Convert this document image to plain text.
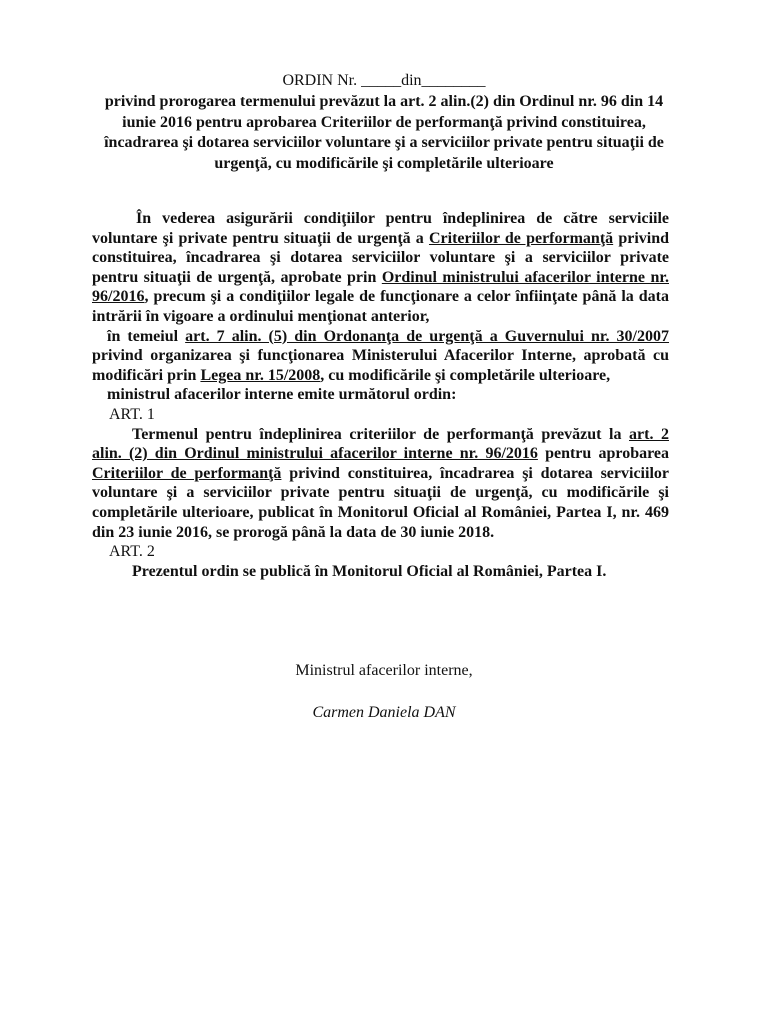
ORDIN Nr. _____din________
privind prorogarea termenului prevăzut la art. 2 alin.(2) din Ordinul nr. 96 din 14 iunie 2016 pentru aprobarea Criteriilor de performanţă privind constituirea, încadrarea şi dotarea serviciilor voluntare şi a serviciilor private pentru situaţii de urgenţă, cu modificările şi completările ulterioare

În vederea asigurării condiţiilor pentru îndeplinirea de către serviciile voluntare şi private pentru situaţii de urgenţă a Criteriilor de performanţă privind constituirea, încadrarea şi dotarea serviciilor voluntare şi a serviciilor private pentru situaţii de urgenţă, aprobate prin Ordinul ministrului afacerilor interne nr. 96/2016, precum şi a condiţiilor legale de funcţionare a celor înfiinţate până la data intrării în vigoare a ordinului menţionat anterior,

în temeiul art. 7 alin. (5) din Ordonanţa de urgenţă a Guvernului nr. 30/2007 privind organizarea şi funcţionarea Ministerului Afacerilor Interne, aprobată cu modificări prin Legea nr. 15/2008, cu modificările şi completările ulterioare,

ministrul afacerilor interne emite următorul ordin:

ART. 1

Termenul pentru îndeplinirea criteriilor de performanţă prevăzut la art. 2 alin. (2) din Ordinul ministrului afacerilor interne nr. 96/2016 pentru aprobarea Criteriilor de performanţă privind constituirea, încadrarea şi dotarea serviciilor voluntare şi a serviciilor private pentru situaţii de urgenţă, cu modificările şi completările ulterioare, publicat în Monitorul Oficial al României, Partea I, nr. 469 din 23 iunie 2016, se prorogă până la data de 30 iunie 2018.

ART. 2

Prezentul ordin se publică în Monitorul Oficial al României, Partea I.

Ministrul afacerilor interne,
Carmen Daniela DAN
